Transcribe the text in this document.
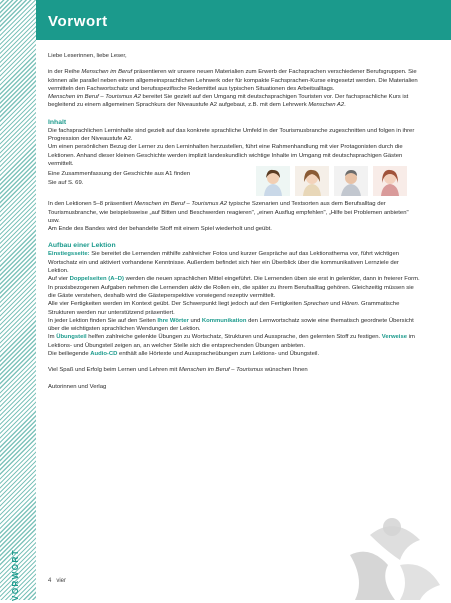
VORWORT
Vorwort

Liebe Leserinnen, liebe Leser,

in der Reihe Menschen im Beruf präsentieren wir unsere neuen Materialien zum Erwerb der Fachsprachen verschiedener Berufsgruppen. Sie können alle parallel neben einem allgemeinsprachlichen Lehrwerk oder für kompakte Fachsprachen-Kurse eingesetzt werden. Die Materialien vermitteln den Fachwortschatz und berufsspezifische Redemittel aus typischen Situationen des Arbeitsalltags.

Menschen im Beruf – Tourismus A2 bereitet Sie gezielt auf den Umgang mit deutschsprachigen Touristen vor. Der fachsprachliche Kurs ist begleitend zu einem allgemeinen Sprachkurs der Niveaustufe A2 aufgebaut, z.B. mit dem Lehrwerk Menschen A2.

Inhalt

Die fachsprachlichen Lerninhalte sind gezielt auf das konkrete sprachliche Umfeld in der Tourismusbranche zugeschnitten und folgen in ihrer Progression der Niveaustufe A2.

Um einen persönlichen Bezug der Lerner zu den Lerninhalten herzustellen, führt eine Rahmenhandlung mit vier Protagonisten durch die Lektionen. Anhand dieser kleinen Geschichte werden implizit landeskundlich wichtige Inhalte im Umgang mit deutschsprachigen Gästen vermittelt.

Eine Zusammenfassung der Geschichte aus A1 finden Sie auf S. 69.

In den Lektionen 5–8 präsentiert Menschen im Beruf – Tourismus A2 typische Szenarien und Textsorten aus dem Berufsalltag der Tourismusbranche, wie beispielsweise „auf Bitten und Beschwerden reagieren", „einen Ausflug empfehlen", „Hilfe bei Problemen anbieten" usw.

Am Ende des Bandes wird der behandelte Stoff mit einem Spiel wiederholt und geübt.

Aufbau einer Lektion

Einstiegsseite: Sie bereitet die Lernenden mithilfe zahlreicher Fotos und kurzer Gespräche auf das Lektionsthema vor, führt wichtigen Wortschatz ein und aktiviert vorhandene Kenntnisse. Außerdem befindet sich hier ein Überblick über die kommunikativen Lernziele der Lektion.

Auf vier Doppelseiten (A–D) werden die neuen sprachlichen Mittel eingeführt. Die Lernenden üben sie erst in gelenkter, dann in freierer Form. In praxisbezogenen Aufgaben nehmen die Lernenden aktiv die Rollen ein, die später zu ihrem Berufsalltag gehören. Gleichzeitig müssen sie die Gäste verstehen, deshalb wird die Gästeperspektive vorwiegend rezeptiv vermittelt.

Alle vier Fertigkeiten werden im Kontext geübt. Der Schwerpunkt liegt jedoch auf den Fertigkeiten Sprechen und Hören. Grammatische Strukturen werden nur unterstützend präsentiert.

In jeder Lektion finden Sie auf den Seiten Ihre Wörter und Kommunikation den Lernwortschatz sowie eine thematisch geordnete Übersicht über die wichtigsten sprachlichen Wendungen der Lektion.

Im Übungsteil helfen zahlreiche gelenkte Übungen zu Wortschatz, Strukturen und Aussprache, den gelernten Stoff zu festigen. Verweise im Lektions- und Übungsteil zeigen an, an welcher Stelle sich die entsprechenden Übungen anbieten.

Die beiliegende Audio-CD enthält alle Hörtexte und Ausspracheübungen zum Lektions- und Übungsteil.

Viel Spaß und Erfolg beim Lernen und Lehren mit Menschen im Beruf – Tourismus wünschen Ihnen

Autorinnen und Verlag

4 vier
